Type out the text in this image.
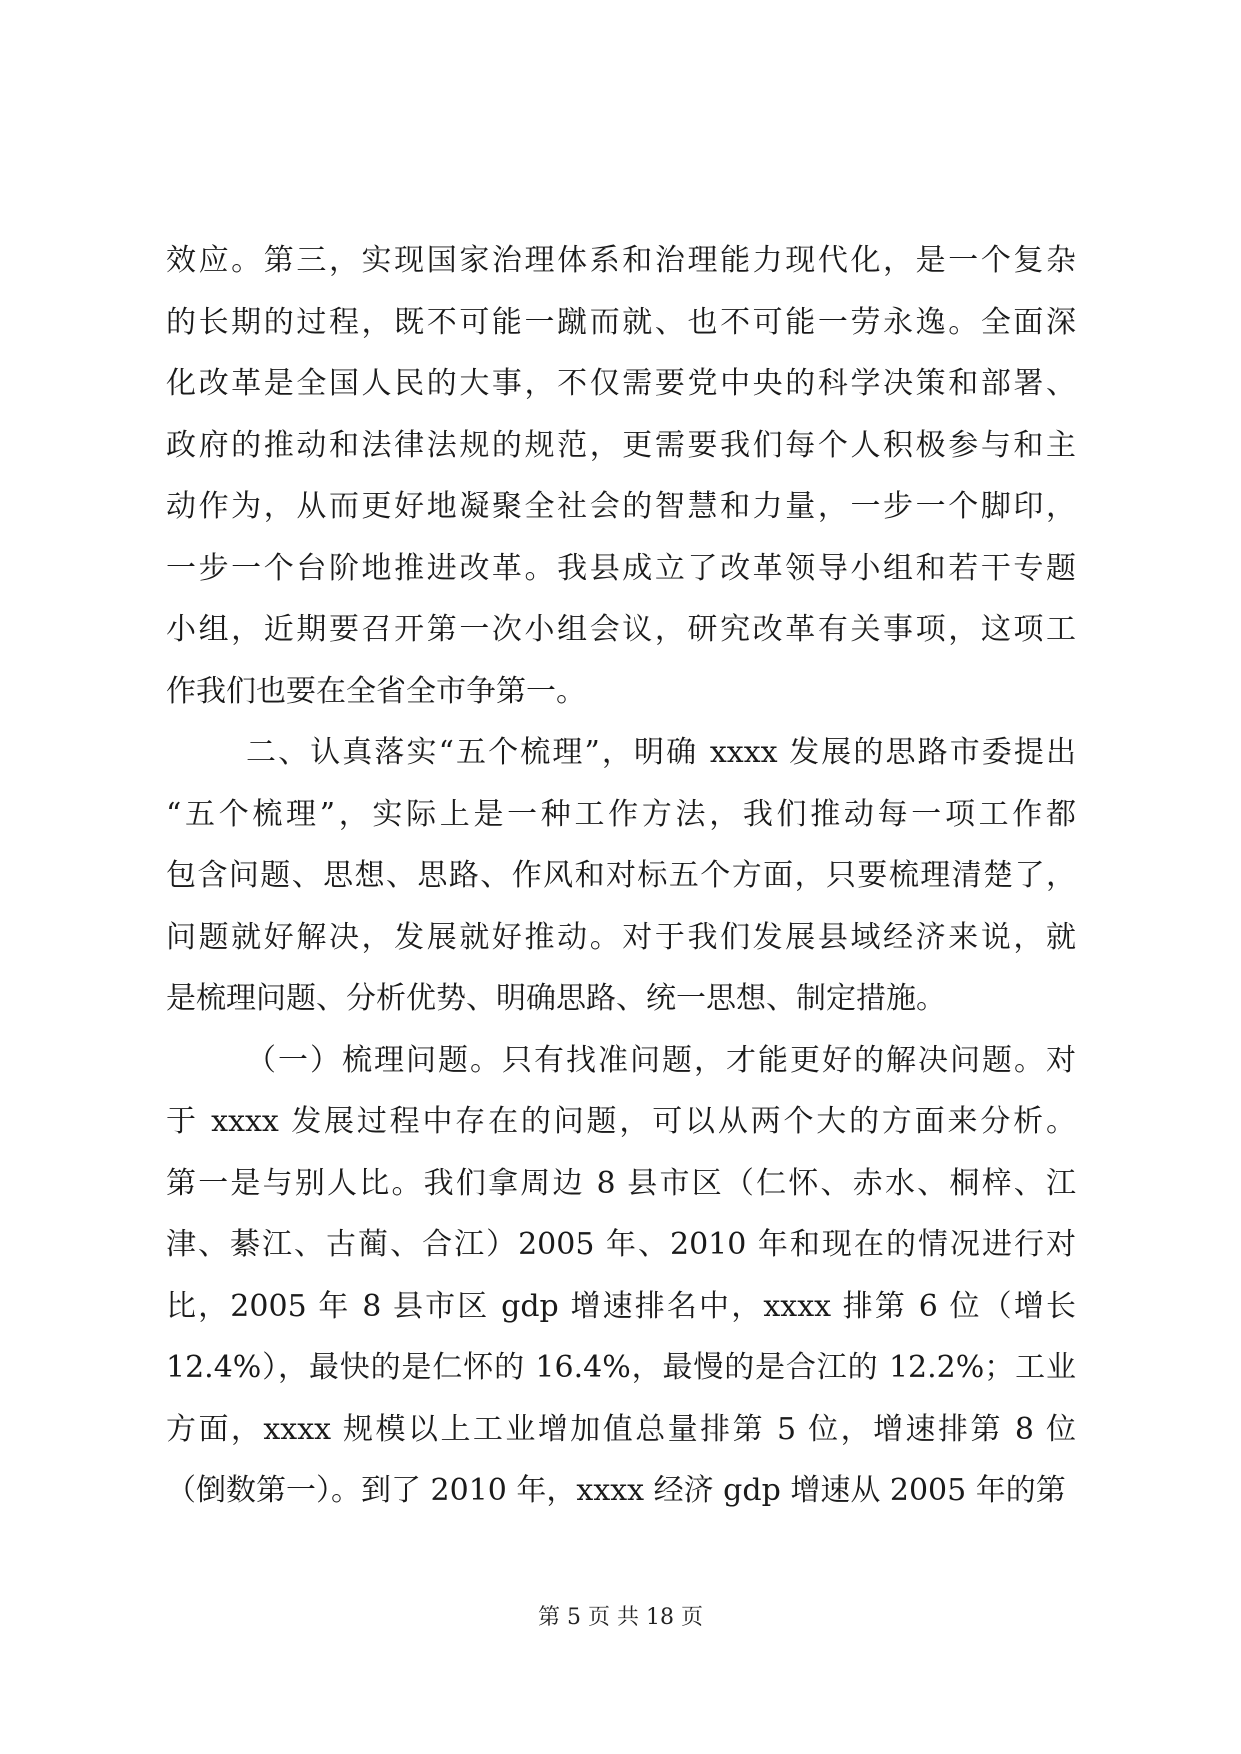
效应。第三，实现国家治理体系和治理能力现代化，是一个复杂
的长期的过程，既不可能一蹴而就、也不可能一劳永逸。全面深
化改革是全国人民的大事，不仅需要党中央的科学决策和部署、
政府的推动和法律法规的规范，更需要我们每个人积极参与和主
动作为，从而更好地凝聚全社会的智慧和力量，一步一个脚印，
一步一个台阶地推进改革。我县成立了改革领导小组和若干专题
小组，近期要召开第一次小组会议，研究改革有关事项，这项工
作我们也要在全省全市争第一。
二、认真落实“五个梳理”，明确 xxxx 发展的思路市委提出
“五个梳理”，实际上是一种工作方法，我们推动每一项工作都
包含问题、思想、思路、作风和对标五个方面，只要梳理清楚了，
问题就好解决，发展就好推动。对于我们发展县域经济来说，就
是梳理问题、分析优势、明确思路、统一思想、制定措施。
（一）梳理问题。只有找准问题，才能更好的解决问题。对
于 xxxx 发展过程中存在的问题，可以从两个大的方面来分析。
第一是与别人比。我们拿周边 8 县市区（仁怀、赤水、桐梓、江
津、綦江、古蔺、合江）2005 年、2010 年和现在的情况进行对
比，2005 年 8 县市区 gdp 增速排名中，xxxx 排第 6 位（增长
12.4%），最快的是仁怀的 16.4%，最慢的是合江的 12.2%；工业
方面，xxxx 规模以上工业增加值总量排第 5 位，增速排第 8 位
（倒数第一）。到了 2010 年，xxxx 经济 gdp 增速从 2005 年的第
第 5 页 共 18 页
